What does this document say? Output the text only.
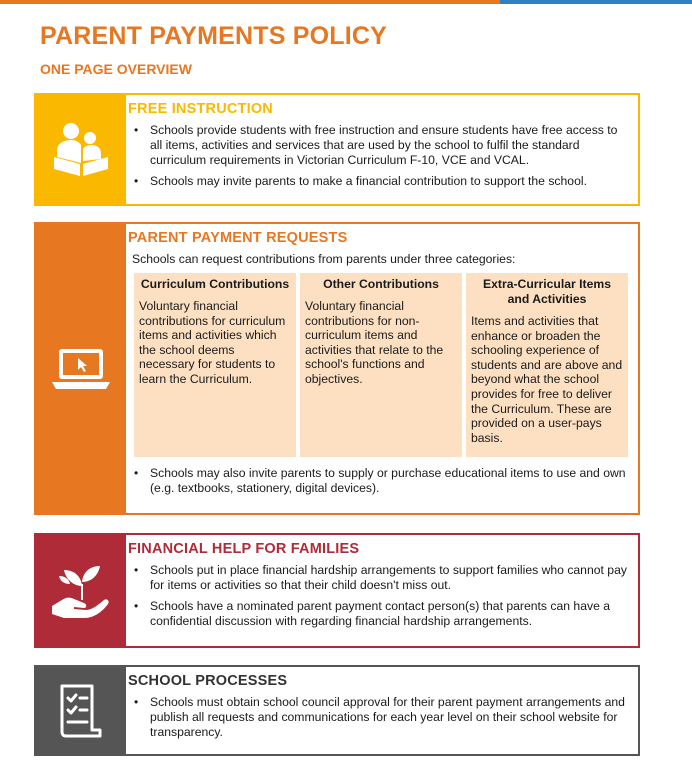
PARENT PAYMENTS POLICY
ONE PAGE OVERVIEW
FREE INSTRUCTION
• Schools provide students with free instruction and ensure students have free access to all items, activities and services that are used by the school to fulfil the standard curriculum requirements in Victorian Curriculum F-10, VCE and VCAL.
• Schools may invite parents to make a financial contribution to support the school.
PARENT PAYMENT REQUESTS
Schools can request contributions from parents under three categories:
Curriculum Contributions
Voluntary financial contributions for curriculum items and activities which the school deems necessary for students to learn the Curriculum.
Other Contributions
Voluntary financial contributions for non-curriculum items and activities that relate to the school's functions and objectives.
Extra-Curricular Items and Activities
Items and activities that enhance or broaden the schooling experience of students and are above and beyond what the school provides for free to deliver the Curriculum. These are provided on a user-pays basis.
• Schools may also invite parents to supply or purchase educational items to use and own (e.g. textbooks, stationery, digital devices).
FINANCIAL HELP FOR FAMILIES
• Schools put in place financial hardship arrangements to support families who cannot pay for items or activities so that their child doesn't miss out.
• Schools have a nominated parent payment contact person(s) that parents can have a confidential discussion with regarding financial hardship arrangements.
SCHOOL PROCESSES
• Schools must obtain school council approval for their parent payment arrangements and publish all requests and communications for each year level on their school website for transparency.
